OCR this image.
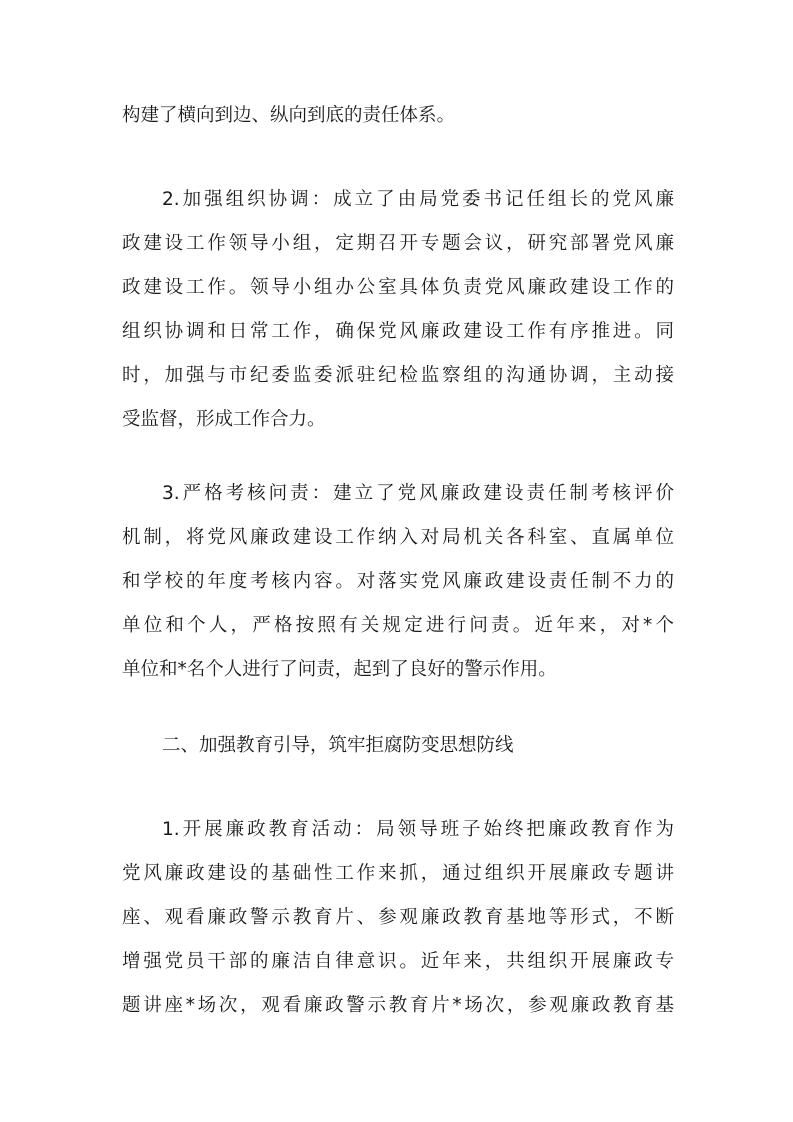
构建了横向到边、纵向到底的责任体系。
2.加强组织协调：成立了由局党委书记任组长的党风廉
政建设工作领导小组，定期召开专题会议，研究部署党风廉
政建设工作。领导小组办公室具体负责党风廉政建设工作的
组织协调和日常工作，确保党风廉政建设工作有序推进。同
时，加强与市纪委监委派驻纪检监察组的沟通协调，主动接
受监督，形成工作合力。
3.严格考核问责：建立了党风廉政建设责任制考核评价
机制，将党风廉政建设工作纳入对局机关各科室、直属单位
和学校的年度考核内容。对落实党风廉政建设责任制不力的
单位和个人，严格按照有关规定进行问责。近年来，对*个
单位和*名个人进行了问责，起到了良好的警示作用。
二、加强教育引导，筑牢拒腐防变思想防线
1.开展廉政教育活动：局领导班子始终把廉政教育作为
党风廉政建设的基础性工作来抓，通过组织开展廉政专题讲
座、观看廉政警示教育片、参观廉政教育基地等形式，不断
增强党员干部的廉洁自律意识。近年来，共组织开展廉政专
题讲座*场次，观看廉政警示教育片*场次，参观廉政教育基
